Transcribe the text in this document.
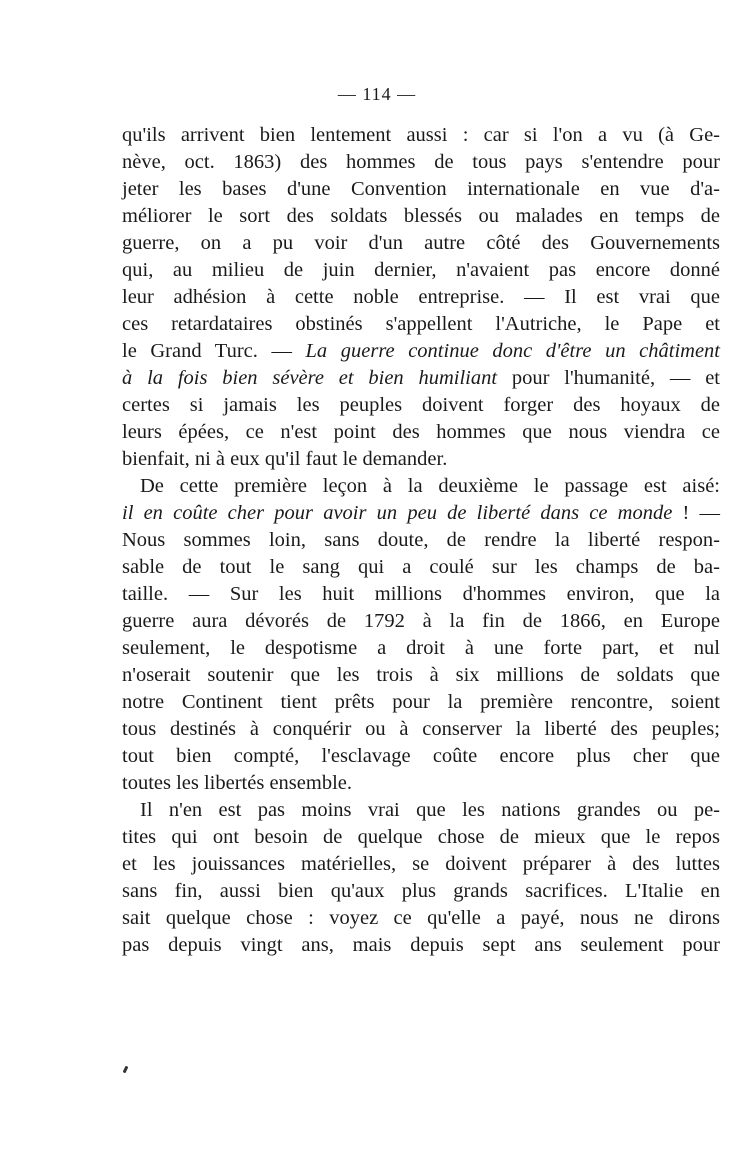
— 114 —
qu'ils arrivent bien lentement aussi : car si l'on a vu (à Ge-
nève, oct. 1863) des hommes de tous pays s'entendre pour
jeter les bases d'une Convention internationale en vue d'a-
méliorer le sort des soldats blessés ou malades en temps de
guerre, on a pu voir d'un autre côté des Gouvernements
qui, au milieu de juin dernier, n'avaient pas encore donné
leur adhésion à cette noble entreprise. — Il est vrai que
ces retardataires obstinés s'appellent l'Autriche, le Pape et
le Grand Turc. — La guerre continue donc d'être un châtiment
à la fois bien sévère et bien humiliant pour l'humanité, — et
certes si jamais les peuples doivent forger des hoyaux de
leurs épées, ce n'est point des hommes que nous viendra ce
bienfait, ni à eux qu'il faut le demander.
De cette première leçon à la deuxième le passage est aisé:
il en coûte cher pour avoir un peu de liberté dans ce monde ! —
Nous sommes loin, sans doute, de rendre la liberté respon-
sable de tout le sang qui a coulé sur les champs de ba-
taille. — Sur les huit millions d'hommes environ, que la
guerre aura dévorés de 1792 à la fin de 1866, en Europe
seulement, le despotisme a droit à une forte part, et nul
n'oserait soutenir que les trois à six millions de soldats que
notre Continent tient prêts pour la première rencontre, soient
tous destinés à conquérir ou à conserver la liberté des peuples;
tout bien compté, l'esclavage coûte encore plus cher que
toutes les libertés ensemble.
Il n'en est pas moins vrai que les nations grandes ou pe-
tites qui ont besoin de quelque chose de mieux que le repos
et les jouissances matérielles, se doivent préparer à des luttes
sans fin, aussi bien qu'aux plus grands sacrifices. L'Italie en
sait quelque chose : voyez ce qu'elle a payé, nous ne dirons
pas depuis vingt ans, mais depuis sept ans seulement pour
